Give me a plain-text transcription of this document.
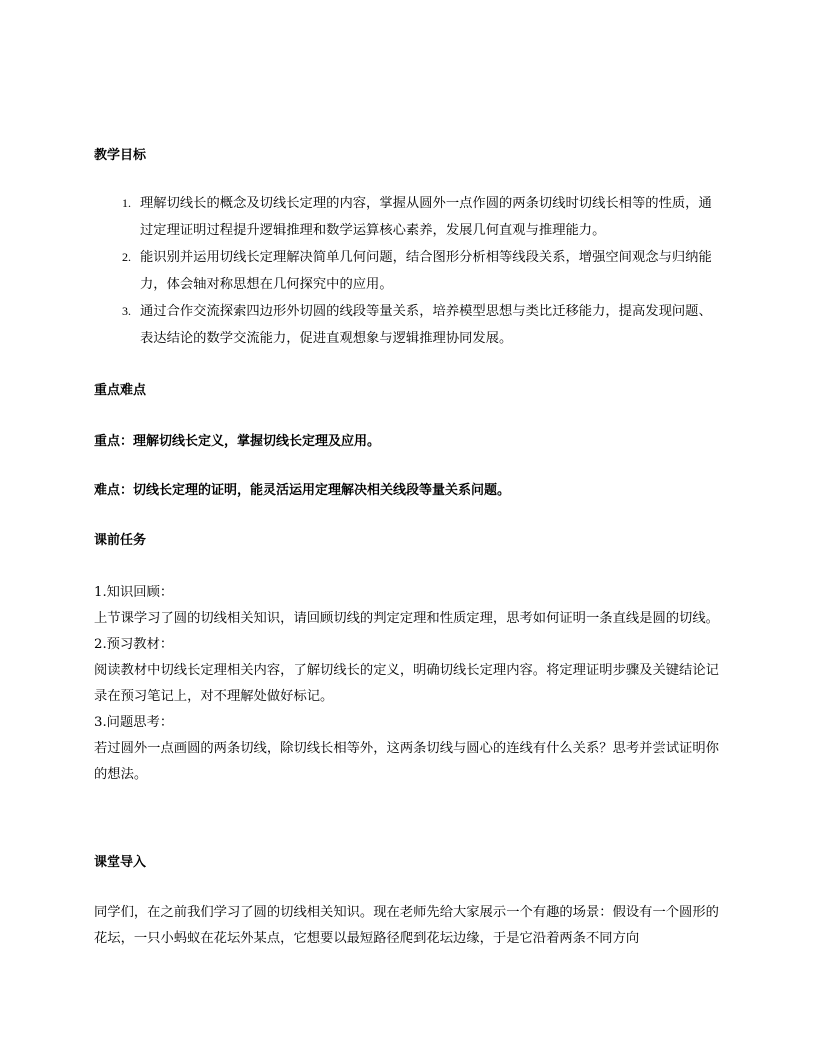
教学目标
1. 理解切线长的概念及切线长定理的内容，掌握从圆外一点作圆的两条切线时切线长相等的性质，通过定理证明过程提升逻辑推理和数学运算核心素养，发展几何直观与推理能力。
2. 能识别并运用切线长定理解决简单几何问题，结合图形分析相等线段关系，增强空间观念与归纳能力，体会轴对称思想在几何探究中的应用。
3. 通过合作交流探索四边形外切圆的线段等量关系，培养模型思想与类比迁移能力，提高发现问题、表达结论的数学交流能力，促进直观想象与逻辑推理协同发展。
重点难点
重点：理解切线长定义，掌握切线长定理及应用。
难点：切线长定理的证明，能灵活运用定理解决相关线段等量关系问题。
课前任务
1.知识回顾：
上节课学习了圆的切线相关知识，请回顾切线的判定定理和性质定理，思考如何证明一条直线是圆的切线。
2.预习教材：
阅读教材中切线长定理相关内容，了解切线长的定义，明确切线长定理内容。将定理证明步骤及关键结论记录在预习笔记上，对不理解处做好标记。
3.问题思考：
若过圆外一点画圆的两条切线，除切线长相等外，这两条切线与圆心的连线有什么关系？思考并尝试证明你的想法。
课堂导入
同学们，在之前我们学习了圆的切线相关知识。现在老师先给大家展示一个有趣的场景：假设有一个圆形的花坛，一只小蚂蚁在花坛外某点，它想要以最短路径爬到花坛边缘，于是它沿着两条不同方向
